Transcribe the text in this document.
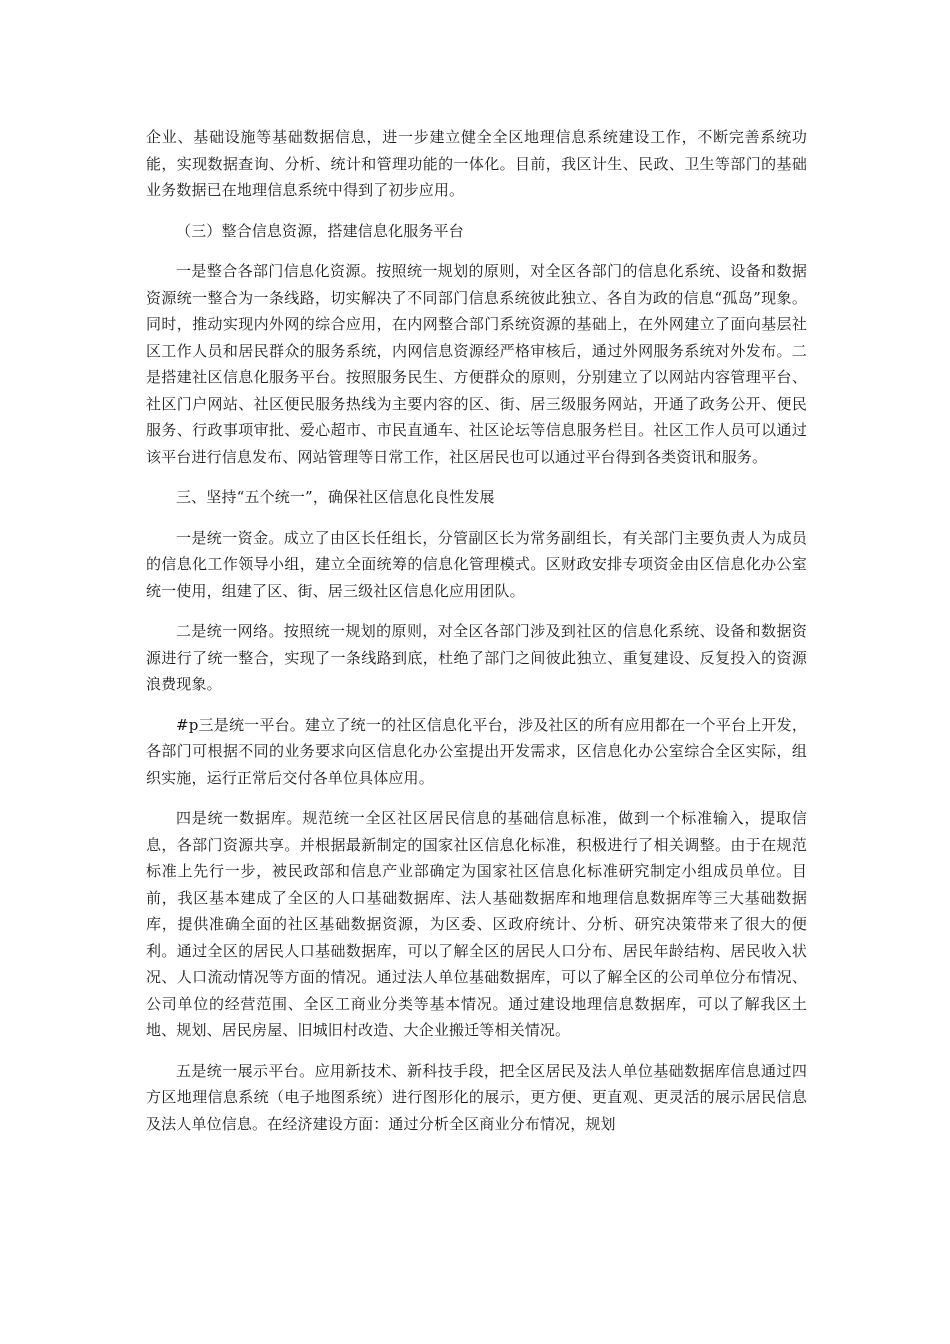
企业、基础设施等基础数据信息，进一步建立健全全区地理信息系统建设工作，不断完善系统功能，实现数据查询、分析、统计和管理功能的一体化。目前，我区计生、民政、卫生等部门的基础业务数据已在地理信息系统中得到了初步应用。

（三）整合信息资源，搭建信息化服务平台

一是整合各部门信息化资源。按照统一规划的原则，对全区各部门的信息化系统、设备和数据资源统一整合为一条线路，切实解决了不同部门信息系统彼此独立、各自为政的信息“孤岛”现象。同时，推动实现内外网的综合应用，在内网整合部门系统资源的基础上，在外网建立了面向基层社区工作人员和居民群众的服务系统，内网信息资源经严格审核后，通过外网服务系统对外发布。二是搭建社区信息化服务平台。按照服务民生、方便群众的原则，分别建立了以网站内容管理平台、社区门户网站、社区便民服务热线为主要内容的区、街、居三级服务网站，开通了政务公开、便民服务、行政事项审批、爱心超市、市民直通车、社区论坛等信息服务栏目。社区工作人员可以通过该平台进行信息发布、网站管理等日常工作，社区居民也可以通过平台得到各类资讯和服务。

三、坚持“五个统一”，确保社区信息化良性发展

一是统一资金。成立了由区长任组长，分管副区长为常务副组长，有关部门主要负责人为成员的信息化工作领导小组，建立全面统筹的信息化管理模式。区财政安排专项资金由区信息化办公室统一使用，组建了区、街、居三级社区信息化应用团队。

二是统一网络。按照统一规划的原则，对全区各部门涉及到社区的信息化系统、设备和数据资源进行了统一整合，实现了一条线路到底，杜绝了部门之间彼此独立、重复建设、反复投入的资源浪费现象。

#p三是统一平台。建立了统一的社区信息化平台，涉及社区的所有应用都在一个平台上开发，各部门可根据不同的业务要求向区信息化办公室提出开发需求，区信息化办公室综合全区实际，组织实施，运行正常后交付各单位具体应用。

四是统一数据库。规范统一全区社区居民信息的基础信息标准，做到一个标准输入，提取信息，各部门资源共享。并根据最新制定的国家社区信息化标准，积极进行了相关调整。由于在规范标准上先行一步，被民政部和信息产业部确定为国家社区信息化标准研究制定小组成员单位。目前，我区基本建成了全区的人口基础数据库、法人基础数据库和地理信息数据库等三大基础数据库，提供准确全面的社区基础数据资源，为区委、区政府统计、分析、研究决策带来了很大的便利。通过全区的居民人口基础数据库，可以了解全区的居民人口分布、居民年龄结构、居民收入状况、人口流动情况等方面的情况。通过法人单位基础数据库，可以了解全区的公司单位分布情况、公司单位的经营范围、全区工商业分类等基本情况。通过建设地理信息数据库，可以了解我区土地、规划、居民房屋、旧城旧村改造、大企业搬迁等相关情况。

五是统一展示平台。应用新技术、新科技手段，把全区居民及法人单位基础数据库信息通过四方区地理信息系统（电子地图系统）进行图形化的展示，更方便、更直观、更灵活的展示居民信息及法人单位信息。在经济建设方面：通过分析全区商业分布情况，规划
